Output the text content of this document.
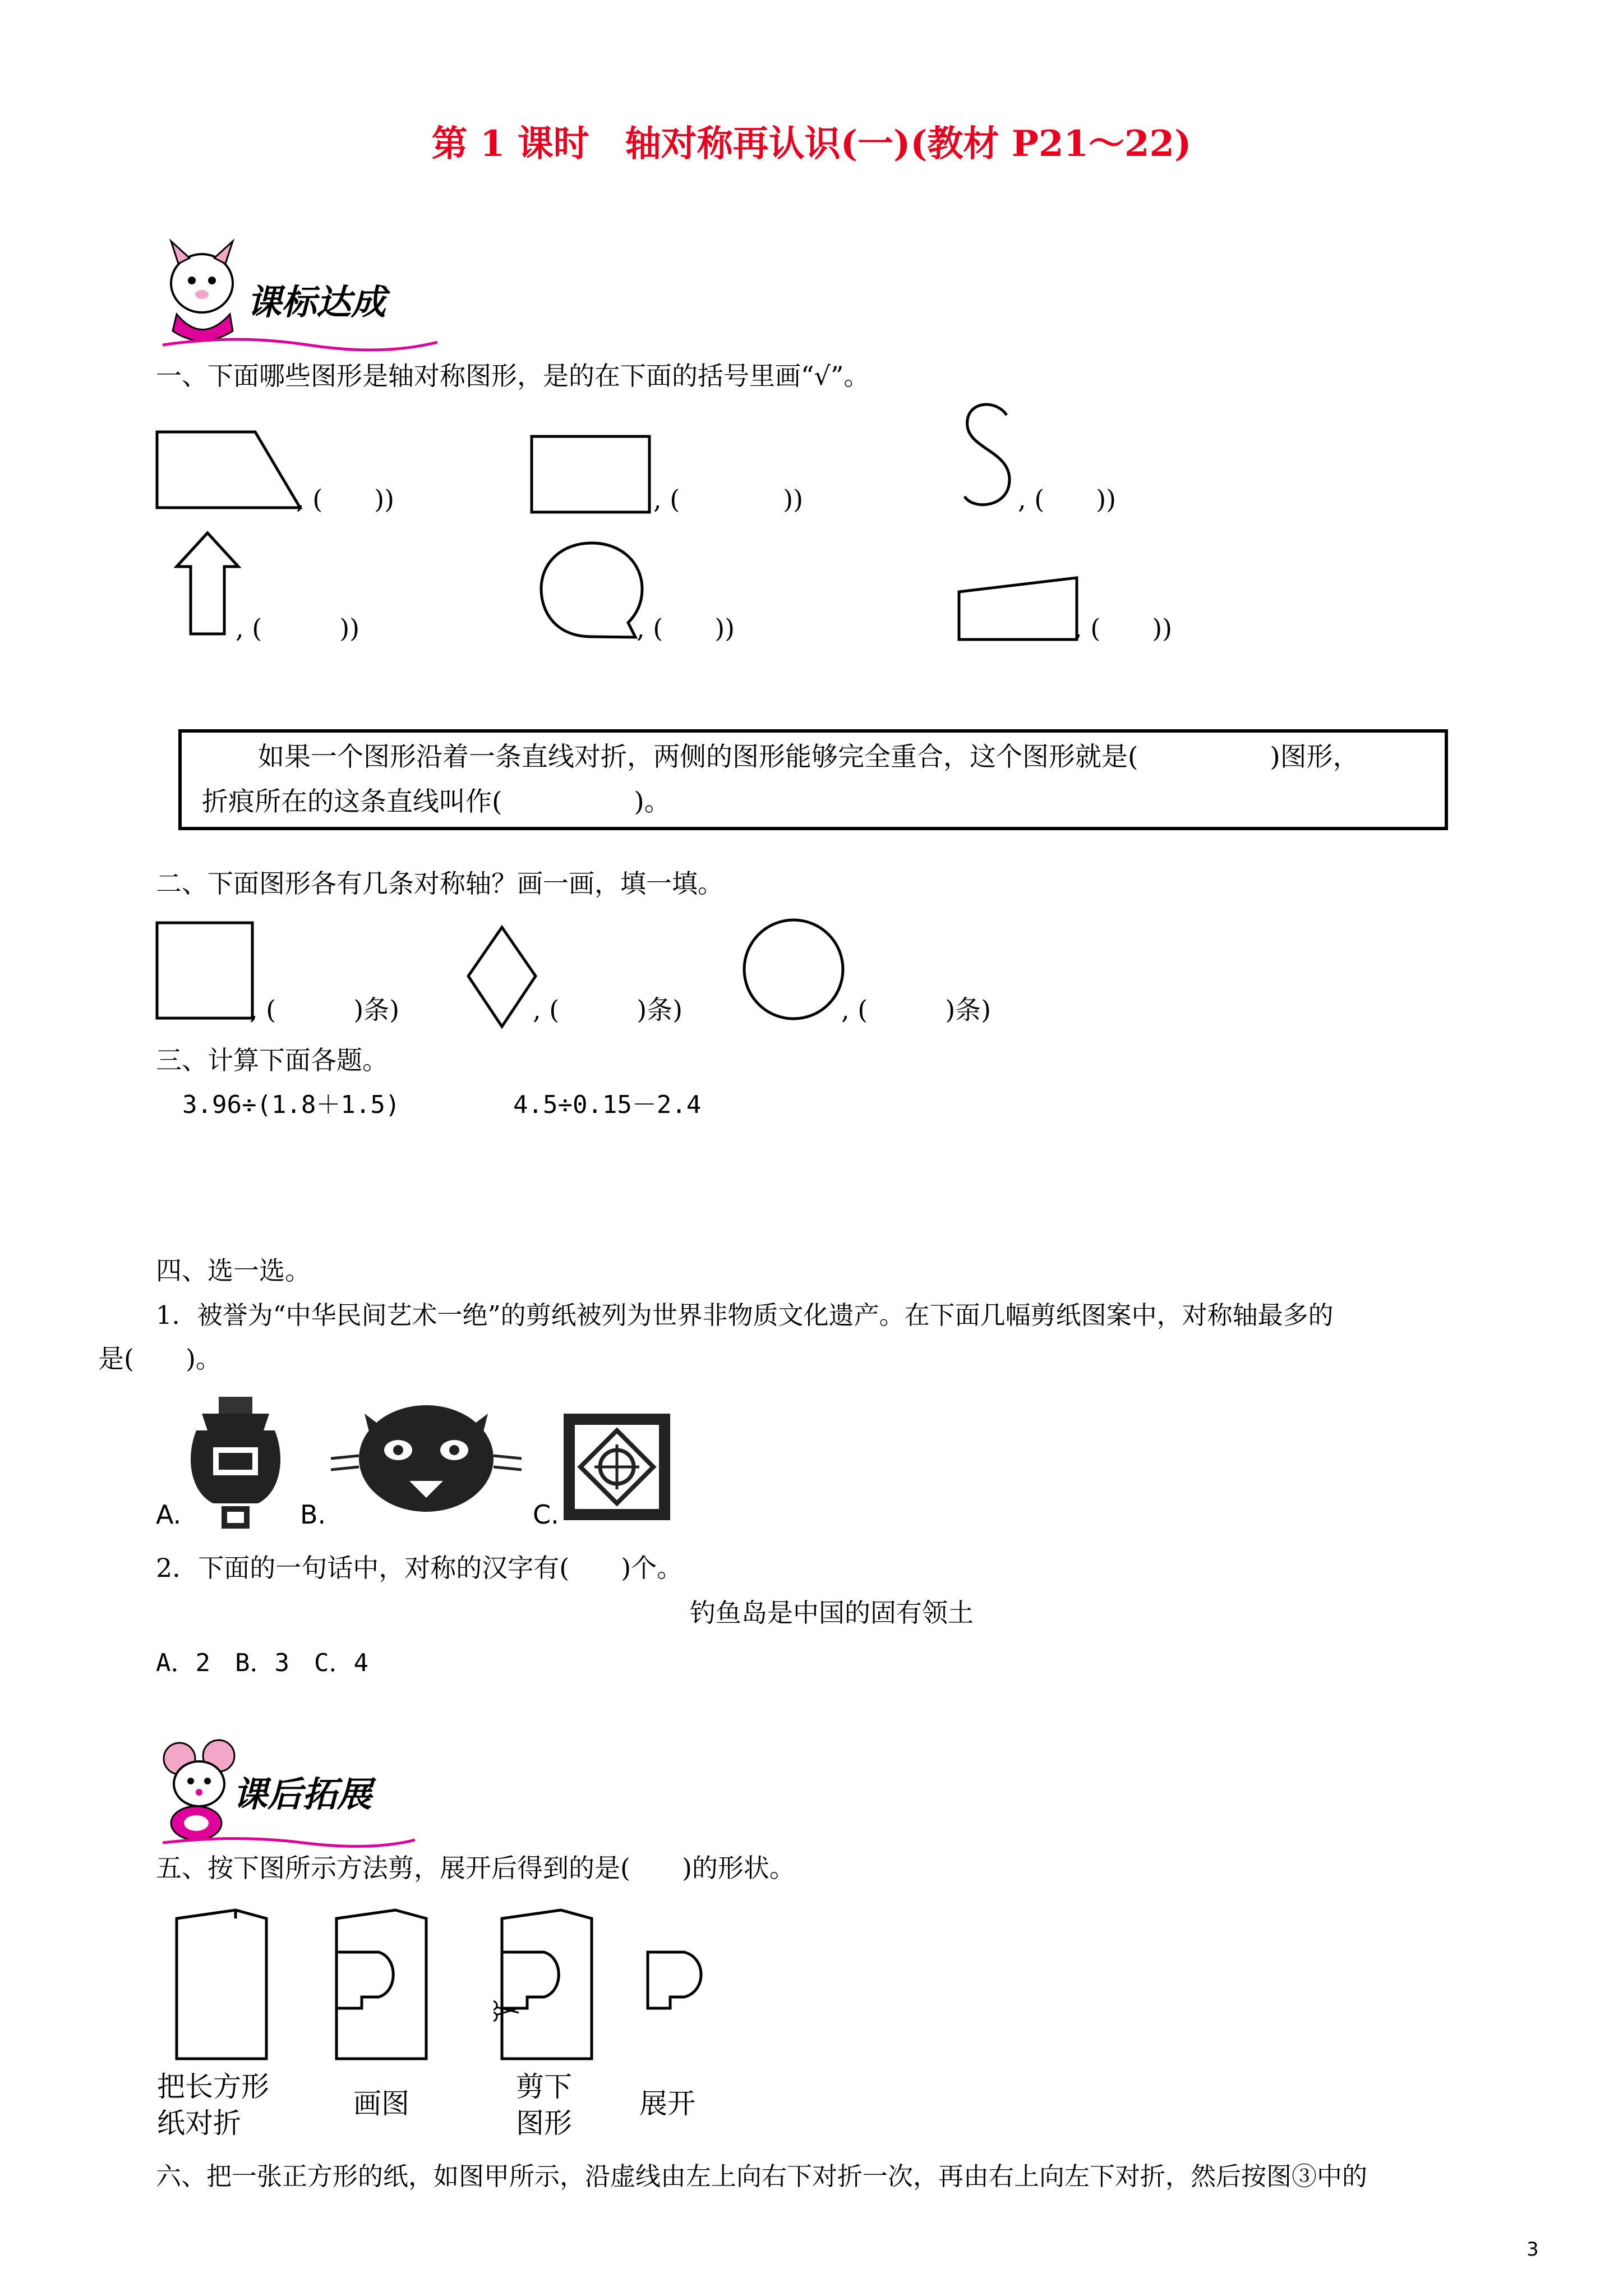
第 1 课时　轴对称再认识(一)(教材 P21～22)
课标达成
一、下面哪些图形是轴对称图形，是的在下面的括号里画“√”。
, (　　))	, (　　　　))	, (　　))
, (　　　))	, (　　))	, (　　))
如果一个图形沿着一条直线对折，两侧的图形能够完全重合，这个图形就是(　　　　　)图形，
折痕所在的这条直线叫作(　　　　　)。
二、下面图形各有几条对称轴？画一画，填一填。
, (　　　)条)	, (　　　)条)	, (　　　)条)
三、计算下面各题。
3.96÷(1.8＋1.5)	4.5÷0.15－2.4
四、选一选。
1．被誉为“中华民间艺术一绝”的剪纸被列为世界非物质文化遗产。在下面几幅剪纸图案中，对称轴最多的
是(　　)。
A.	B.	C.
2．下面的一句话中，对称的汉字有(　　)个。
钓鱼岛是中国的固有领土
A．2　B．3　C．4
课后拓展
五、按下图所示方法剪，展开后得到的是(　　)的形状。
把长方形
纸对折
画图
剪下
图形
展开
六、把一张正方形的纸，如图甲所示，沿虚线由左上向右下对折一次，再由右上向左下对折，然后按图③中的
3
